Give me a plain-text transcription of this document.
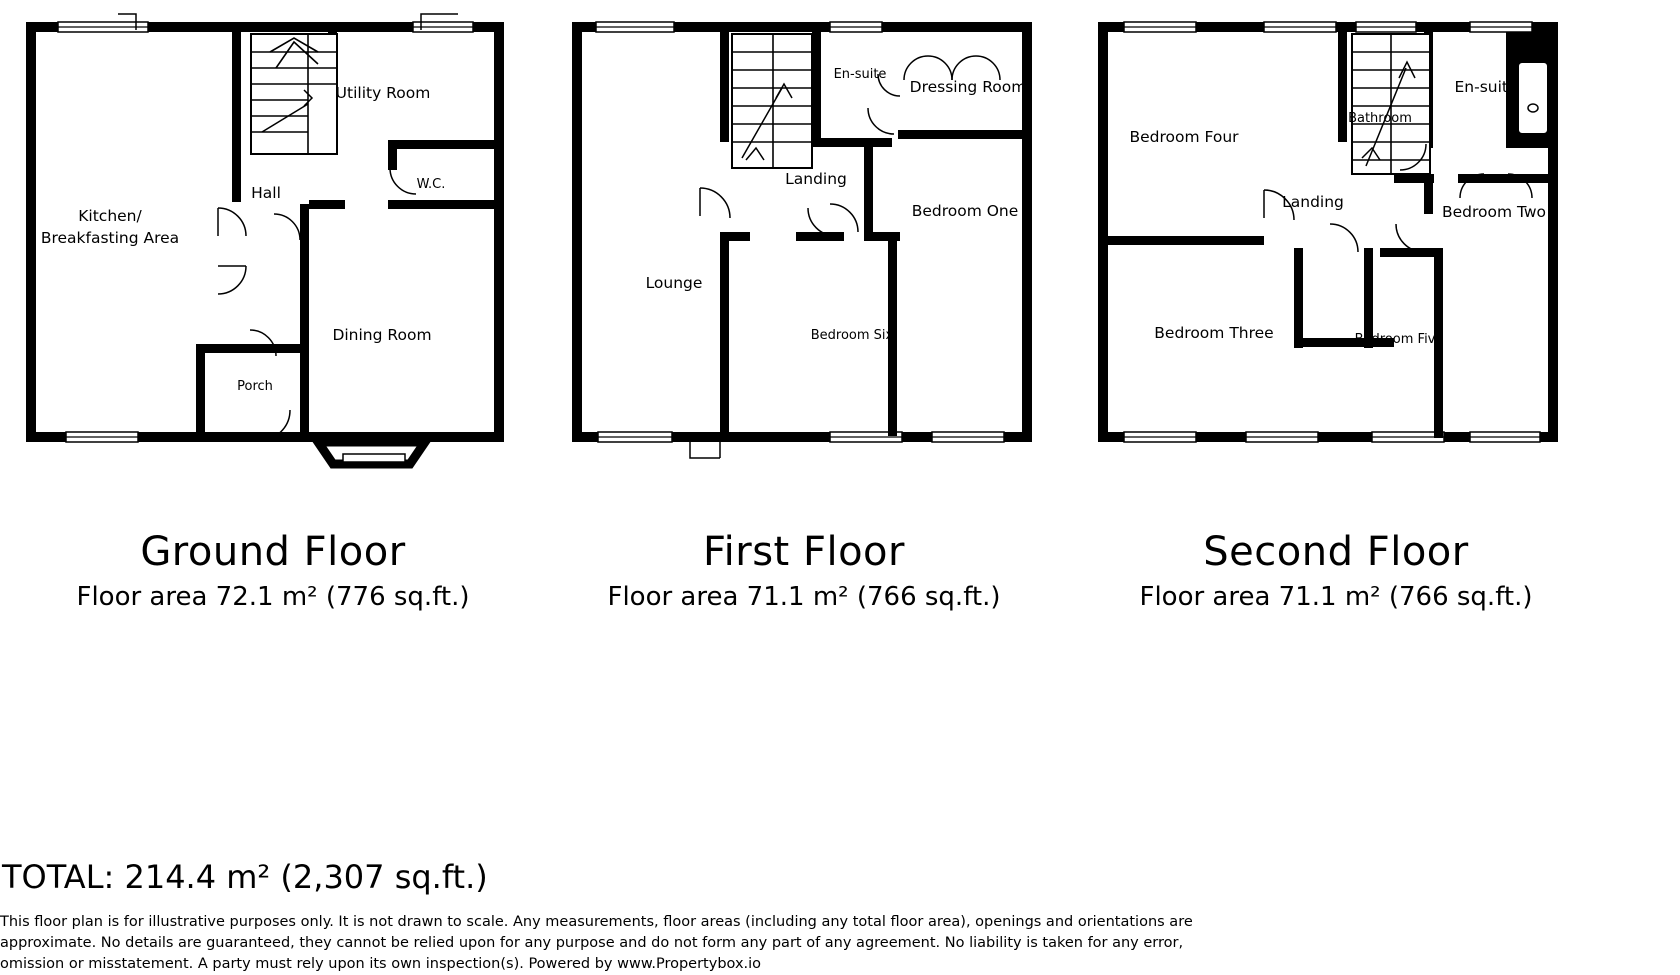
Utility Room
Hall	W.C.
Kitchen/
Breakfasting Area
Dining Room
Porch
En-suite
Dressing Room
Landing
Bedroom One
Lounge
Bedroom Six
Bedroom Four
Bathroom
En-suite
Landing
Bedroom Two
Bedroom Three	Bedroom Five
Ground Floor
Floor area 72.1 m² (776 sq.ft.)
First Floor
Floor area 71.1 m² (766 sq.ft.)
Second Floor
Floor area 71.1 m² (766 sq.ft.)
TOTAL: 214.4 m² (2,307 sq.ft.)
This floor plan is for illustrative purposes only. It is not drawn to scale. Any measurements, floor areas (including any total floor area), openings and orientations are approximate. No details are guaranteed, they cannot be relied upon for any purpose and do not form any part of any agreement. No liability is taken for any error, omission or misstatement. A party must rely upon its own inspection(s). Powered by www.Propertybox.io
